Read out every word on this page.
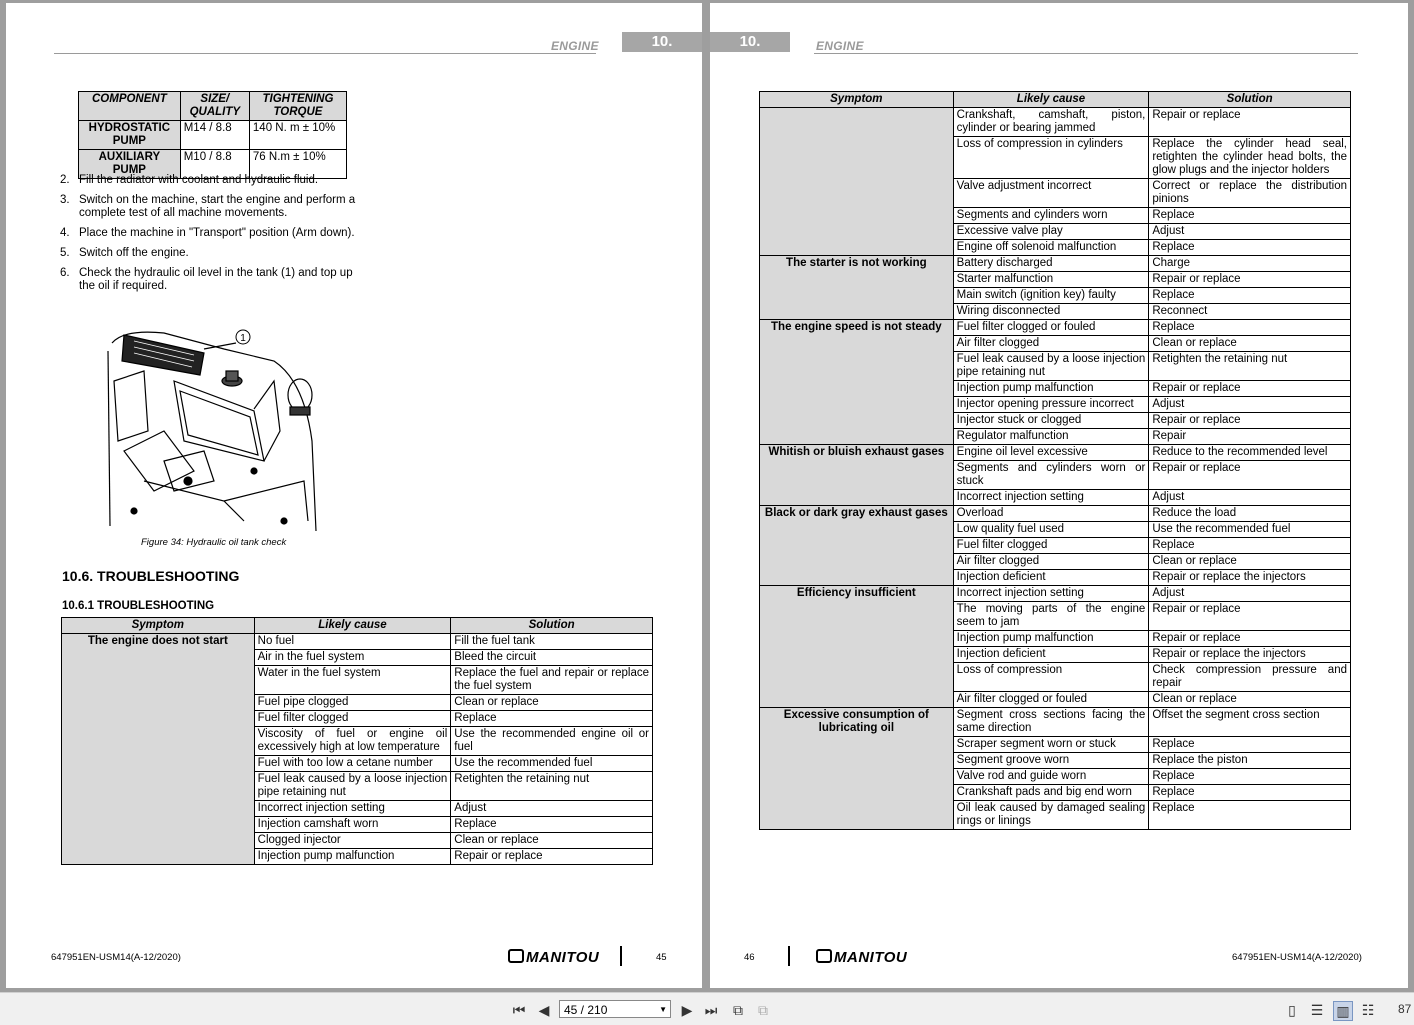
ENGINE	10.
COMPONENT	SIZE/ QUALITY	TIGHTENING TORQUE
HYDROSTATIC PUMP	M14 / 8.8	140 N. m ± 10%
AUXILIARY PUMP	M10 / 8.8	76 N.m ± 10%
2. Fill the radiator with coolant and hydraulic fluid.
3. Switch on the machine, start the engine and perform a complete test of all machine movements.
4. Place the machine in "Transport" position (Arm down).
5. Switch off the engine.
6. Check the hydraulic oil level in the tank (1) and top up the oil if required.
1
Figure 34: Hydraulic oil tank check
10.6. TROUBLESHOOTING
10.6.1 TROUBLESHOOTING
Symptom	Likely cause	Solution
The engine does not start	No fuel	Fill the fuel tank
	Air in the fuel system	Bleed the circuit
	Water in the fuel system	Replace the fuel and repair or replace the fuel system
	Fuel pipe clogged	Clean or replace
	Fuel filter clogged	Replace
	Viscosity of fuel or engine oil excessively high at low temperature	Use the recommended engine oil or fuel
	Fuel with too low a cetane number	Use the recommended fuel
	Fuel leak caused by a loose injection pipe retaining nut	Retighten the retaining nut
	Incorrect injection setting	Adjust
	Injection camshaft worn	Replace
	Clogged injector	Clean or replace
	Injection pump malfunction	Repair or replace
647951EN-USM14(A-12/2020)	MANITOU	45
10.	ENGINE
Symptom	Likely cause	Solution
	Crankshaft, camshaft, piston, cylinder or bearing jammed	Repair or replace
	Loss of compression in cylinders	Replace the cylinder head seal, retighten the cylinder head bolts, the glow plugs and the injector holders
	Valve adjustment incorrect	Correct or replace the distribution pinions
	Segments and cylinders worn	Replace
	Excessive valve play	Adjust
	Engine off solenoid malfunction	Replace
The starter is not working	Battery discharged	Charge
	Starter malfunction	Repair or replace
	Main switch (ignition key) faulty	Replace
	Wiring disconnected	Reconnect
The engine speed is not steady	Fuel filter clogged or fouled	Replace
	Air filter clogged	Clean or replace
	Fuel leak caused by a loose injection pipe retaining nut	Retighten the retaining nut
	Injection pump malfunction	Repair or replace
	Injector opening pressure incorrect	Adjust
	Injector stuck or clogged	Repair or replace
	Regulator malfunction	Repair
Whitish or bluish exhaust gases	Engine oil level excessive	Reduce to the recommended level
	Segments and cylinders worn or stuck	Repair or replace
	Incorrect injection setting	Adjust
Black or dark gray exhaust gases	Overload	Reduce the load
	Low quality fuel used	Use the recommended fuel
	Fuel filter clogged	Replace
	Air filter clogged	Clean or replace
	Injection deficient	Repair or replace the injectors
Efficiency insufficient	Incorrect injection setting	Adjust
	The moving parts of the engine seem to jam	Repair or replace
	Injection pump malfunction	Repair or replace
	Injection deficient	Repair or replace the injectors
	Loss of compression	Check compression pressure and repair
	Air filter clogged or fouled	Clean or replace
Excessive consumption of lubricating oil	Segment cross sections facing the same direction	Offset the segment cross section
	Scraper segment worn or stuck	Replace
	Segment groove worn	Replace the piston
	Valve rod and guide worn	Replace
	Crankshaft pads and big end worn	Replace
	Oil leak caused by damaged sealing rings or linings	Replace
46	MANITOU	647951EN-USM14(A-12/2020)
⏮ ◀	45 / 210	▼ ▶ ⏭ ⧉ ⧉	▯	☰ ▥ ☷ 87
